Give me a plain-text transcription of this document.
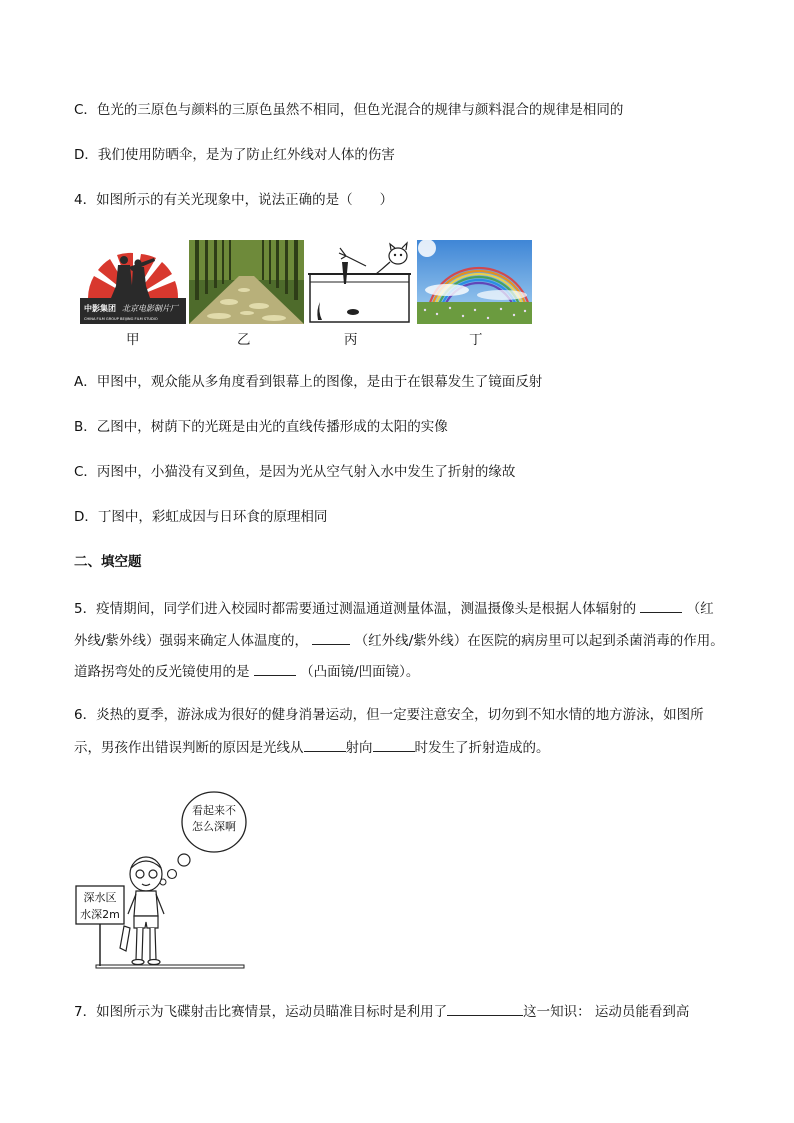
C．色光的三原色与颜料的三原色虽然不相同，但色光混合的规律与颜料混合的规律是相同的
D．我们使用防晒伞，是为了防止红外线对人体的伤害
4．如图所示的有关光现象中，说法正确的是（　　）
中影集团 北京电影制片厂
CHINA FILM GROUP BEIJING FILM STUDIO
甲	乙	丙	丁
A．甲图中，观众能从多角度看到银幕上的图像，是由于在银幕发生了镜面反射
B．乙图中，树荫下的光斑是由光的直线传播形成的太阳的实像
C．丙图中，小猫没有叉到鱼，是因为光从空气射入水中发生了折射的缘故
D．丁图中，彩虹成因与日环食的原理相同
二、填空题
5．疫情期间，同学们进入校园时都需要通过测温通道测量体温，测温摄像头是根据人体辐射的	（红
外线/紫外线）强弱来确定人体温度的，	（红外线/紫外线）在医院的病房里可以起到杀菌消毒的作用。
道路拐弯处的反光镜使用的是	（凸面镜/凹面镜）。
6．炎热的夏季，游泳成为很好的健身消暑运动，但一定要注意安全，切勿到不知水情的地方游泳，如图所
示，男孩作出错误判断的原因是光线从	射向	时发生了折射造成的。
看起来不
怎么深啊
深水区
水深2m
7．如图所示为飞碟射击比赛情景，运动员瞄准目标时是利用了	这一知识： 运动员能看到高
